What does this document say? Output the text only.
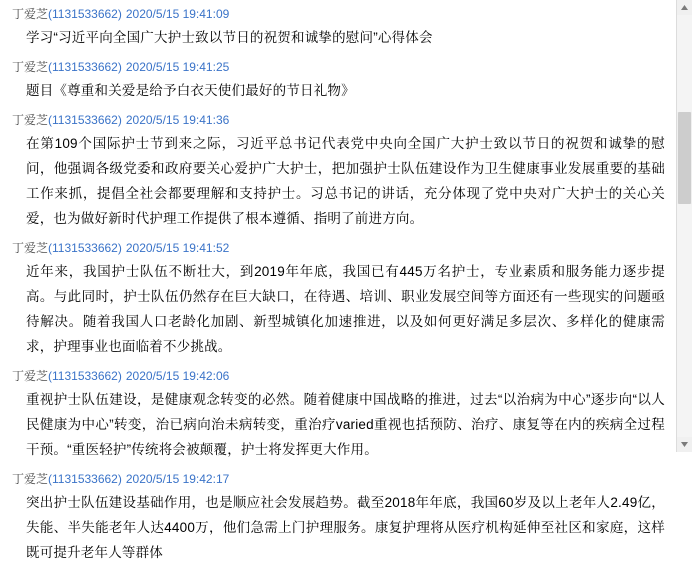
丁爱芝(1131533662) 2020/5/15 19:41:09
学习“习近平向全国广大护士致以节日的祝贺和诚挚的慰问”心得体会
丁爱芝(1131533662) 2020/5/15 19:41:25
题目《尊重和关爱是给予白衣天使们最好的节日礼物》
丁爱芝(1131533662) 2020/5/15 19:41:36
在第109个国际护士节到来之际，习近平总书记代表党中央向全国广大护士致以节日的祝贺和诚挚的慰问，他强调各级党委和政府要关心爱护广大护士，把加强护士队伍建设作为卫生健康事业发展重要的基础工作来抓，提倡全社会都要理解和支持护士。习总书记的讲话，充分体现了党中央对广大护士的关心关爱，也为做好新时代护理工作提供了根本遵循、指明了前进方向。
丁爱芝(1131533662) 2020/5/15 19:41:52
近年来，我国护士队伍不断壮大，到2019年年底，我国已有445万名护士，专业素质和服务能力逐步提高。与此同时，护士队伍仍然存在巨大缺口，在待遇、培训、职业发展空间等方面还有一些现实的问题亟待解决。随着我国人口老龄化加剧、新型城镇化加速推进，以及如何更好满足多层次、多样化的健康需求，护理事业也面临着不少挑战。
丁爱芝(1131533662) 2020/5/15 19:42:06
重视护士队伍建设，是健康观念转变的必然。随着健康中国战略的推进，过去“以治病为中心”逐步向“以人民健康为中心”转变，治已病向治未病转变，重治疗varied重视也括预防、治疗、康复等在内的疾病全过程干预。“重医轻护”传统将会被颠覆，护士将发挥更大作用。
丁爱芝(1131533662) 2020/5/15 19:42:17
突出护士队伍建设基础作用，也是顺应社会发展趋势。截至2018年年底，我国60岁及以上老年人2.49亿，失能、半失能老年人达4400万，他们急需上门护理服务。康复护理将从医疗机构延伸至社区和家庭，这样既可提升老年人等群体
